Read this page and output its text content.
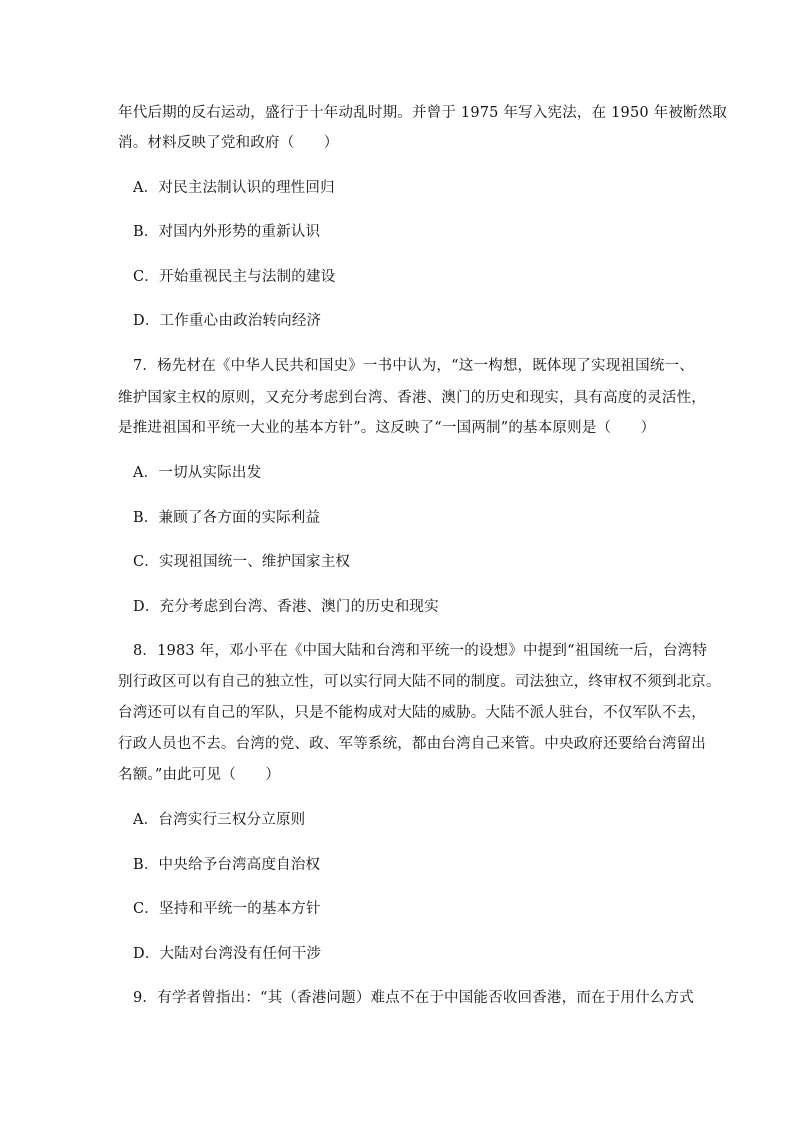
年代后期的反右运动，盛行于十年动乱时期。并曾于 1975 年写入宪法，在 1950 年被断然取
消。材料反映了党和政府（　　）
A．对民主法制认识的理性回归
B．对国内外形势的重新认识
C．开始重视民主与法制的建设
D．工作重心由政治转向经济
7．杨先材在《中华人民共和国史》一书中认为，“这一构想，既体现了实现祖国统一、
维护国家主权的原则，又充分考虑到台湾、香港、澳门的历史和现实，具有高度的灵活性，
是推进祖国和平统一大业的基本方针”。这反映了“一国两制”的基本原则是（　　）
A．一切从实际出发
B．兼顾了各方面的实际利益
C．实现祖国统一、维护国家主权
D．充分考虑到台湾、香港、澳门的历史和现实
8．1983 年，邓小平在《中国大陆和台湾和平统一的设想》中提到“祖国统一后，台湾特
别行政区可以有自己的独立性，可以实行同大陆不同的制度。司法独立，终审权不须到北京。
台湾还可以有自己的军队，只是不能构成对大陆的威胁。大陆不派人驻台，不仅军队不去，
行政人员也不去。台湾的党、政、军等系统，都由台湾自己来管。中央政府还要给台湾留出
名额。”由此可见（　　）
A．台湾实行三权分立原则
B．中央给予台湾高度自治权
C．坚持和平统一的基本方针
D．大陆对台湾没有任何干涉
9．有学者曾指出：“其（香港问题）难点不在于中国能否收回香港，而在于用什么方式
